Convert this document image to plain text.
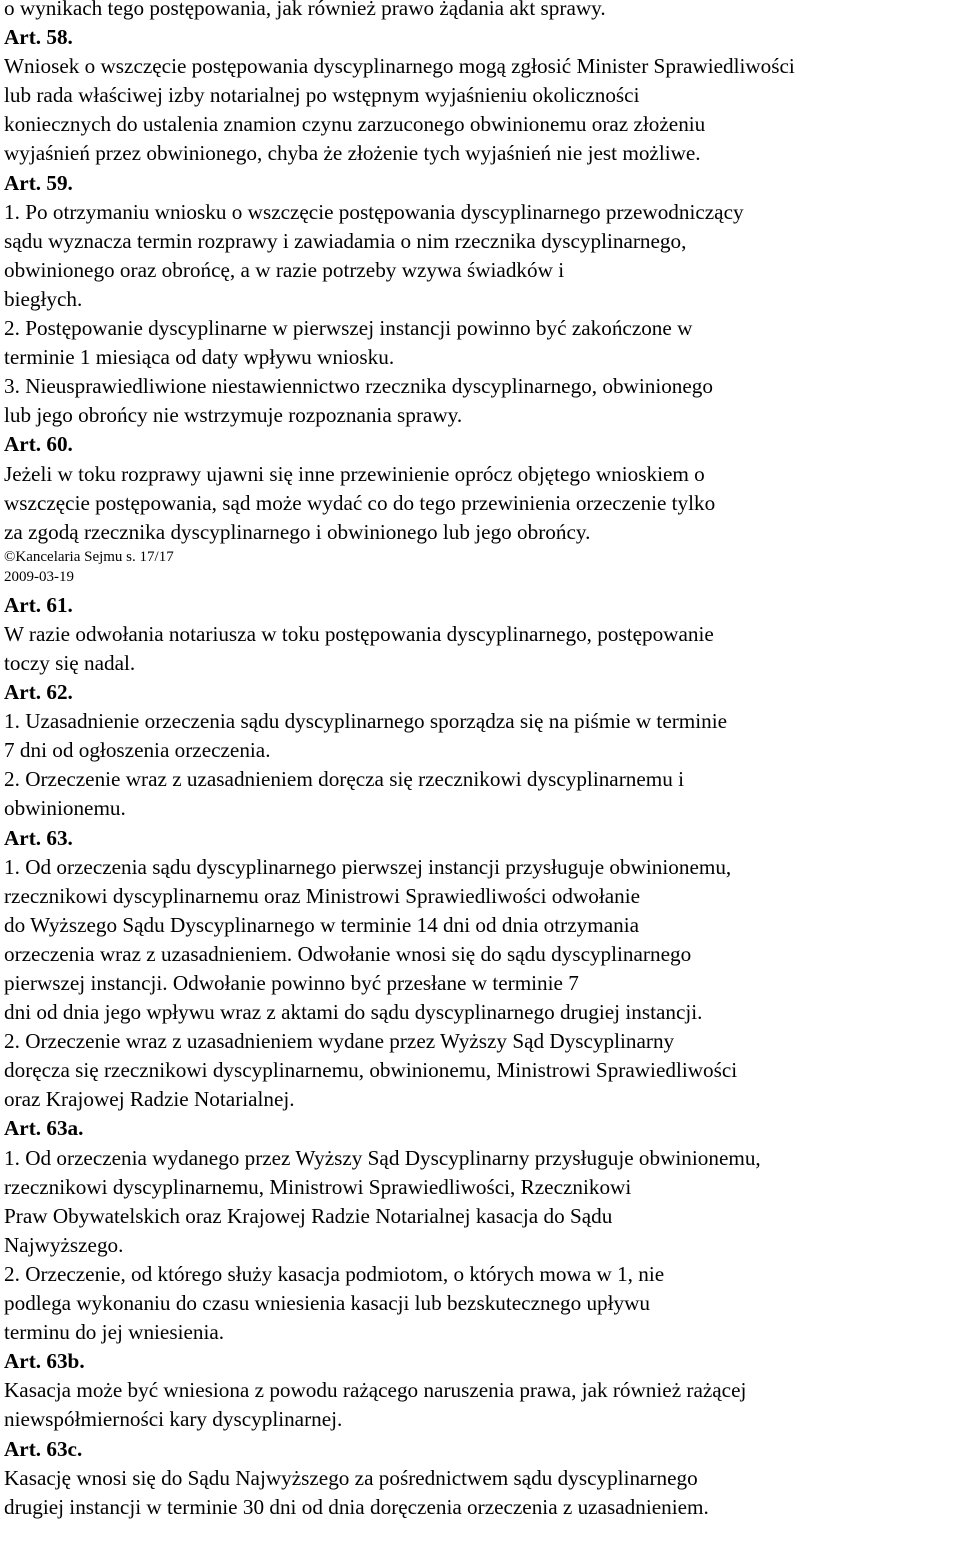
o wynikach tego postępowania, jak również prawo żądania akt sprawy.
Art. 58.
Wniosek o wszczęcie postępowania dyscyplinarnego mogą zgłosić Minister Sprawiedliwości
lub rada właściwej izby notarialnej po wstępnym wyjaśnieniu okoliczności
koniecznych do ustalenia znamion czynu zarzuconego obwinionemu oraz złożeniu
wyjaśnień przez obwinionego, chyba że złożenie tych wyjaśnień nie jest możliwe.
Art. 59.
1. Po otrzymaniu wniosku o wszczęcie postępowania dyscyplinarnego przewodniczący
sądu wyznacza termin rozprawy i zawiadamia o nim rzecznika dyscyplinarnego,
obwinionego oraz obrońcę, a w razie potrzeby wzywa świadków i
biegłych.
2. Postępowanie dyscyplinarne w pierwszej instancji powinno być zakończone w
terminie 1 miesiąca od daty wpływu wniosku.
3. Nieusprawiedliwione niestawiennictwo rzecznika dyscyplinarnego, obwinionego
lub jego obrońcy nie wstrzymuje rozpoznania sprawy.
Art. 60.
Jeżeli w toku rozprawy ujawni się inne przewinienie oprócz objętego wnioskiem o
wszczęcie postępowania, sąd może wydać co do tego przewinienia orzeczenie tylko
za zgodą rzecznika dyscyplinarnego i obwinionego lub jego obrońcy.
©Kancelaria Sejmu s. 17/17
2009-03-19
Art. 61.
W razie odwołania notariusza w toku postępowania dyscyplinarnego, postępowanie
toczy się nadal.
Art. 62.
1. Uzasadnienie orzeczenia sądu dyscyplinarnego sporządza się na piśmie w terminie
7 dni od ogłoszenia orzeczenia.
2. Orzeczenie wraz z uzasadnieniem doręcza się rzecznikowi dyscyplinarnemu i
obwinionemu.
Art. 63.
1. Od orzeczenia sądu dyscyplinarnego pierwszej instancji przysługuje obwinionemu,
rzecznikowi dyscyplinarnemu oraz Ministrowi Sprawiedliwości odwołanie
do Wyższego Sądu Dyscyplinarnego w terminie 14 dni od dnia otrzymania
orzeczenia wraz z uzasadnieniem. Odwołanie wnosi się do sądu dyscyplinarnego
pierwszej instancji. Odwołanie powinno być przesłane w terminie 7
dni od dnia jego wpływu wraz z aktami do sądu dyscyplinarnego drugiej instancji.
2. Orzeczenie wraz z uzasadnieniem wydane przez Wyższy Sąd Dyscyplinarny
doręcza się rzecznikowi dyscyplinarnemu, obwinionemu, Ministrowi Sprawiedliwości
oraz Krajowej Radzie Notarialnej.
Art. 63a.
1. Od orzeczenia wydanego przez Wyższy Sąd Dyscyplinarny przysługuje obwinionemu,
rzecznikowi dyscyplinarnemu, Ministrowi Sprawiedliwości, Rzecznikowi
Praw Obywatelskich oraz Krajowej Radzie Notarialnej kasacja do Sądu
Najwyższego.
2. Orzeczenie, od którego służy kasacja podmiotom, o których mowa w 1, nie
podlega wykonaniu do czasu wniesienia kasacji lub bezskutecznego upływu
terminu do jej wniesienia.
Art. 63b.
Kasacja może być wniesiona z powodu rażącego naruszenia prawa, jak również rażącej
niewspółmierności kary dyscyplinarnej.
Art. 63c.
Kasację wnosi się do Sądu Najwyższego za pośrednictwem sądu dyscyplinarnego
drugiej instancji w terminie 30 dni od dnia doręczenia orzeczenia z uzasadnieniem.
